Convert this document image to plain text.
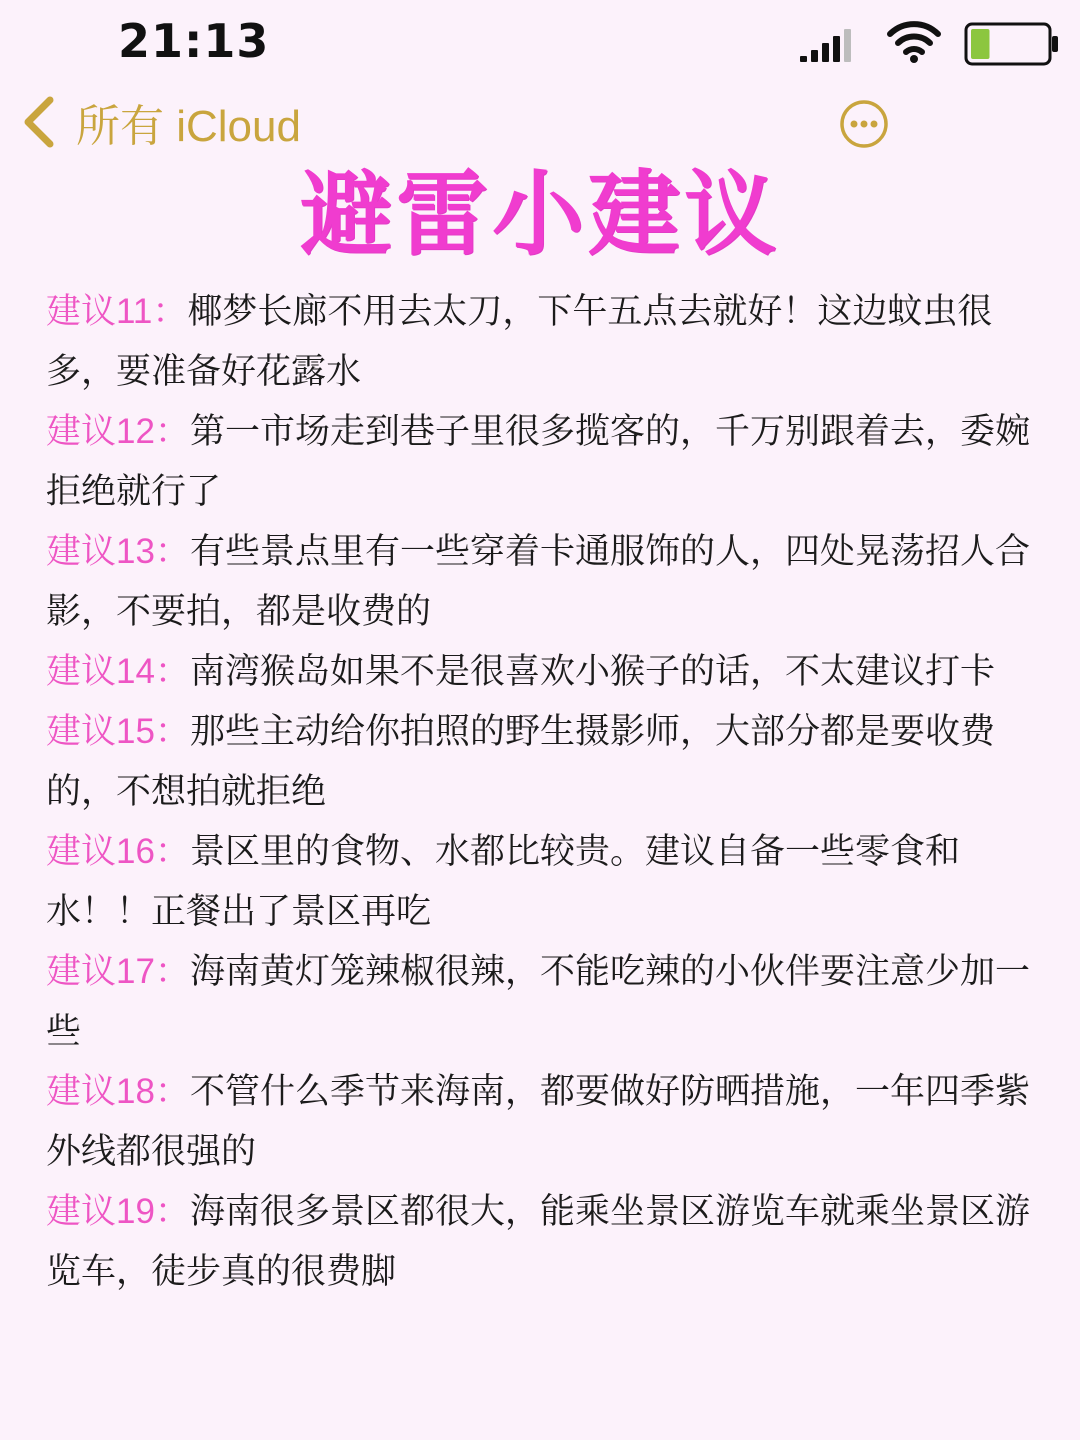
21:13
所有 iCloud
避雷小建议

建议11：椰梦长廊不用去太刀，下午五点去就好！这边蚊虫很多，要准备好花露水

建议12：第一市场走到巷子里很多揽客的，千万别跟着去，委婉拒绝就行了

建议13：有些景点里有一些穿着卡通服饰的人，四处晃荡招人合影，不要拍，都是收费的

建议14：南湾猴岛如果不是很喜欢小猴子的话，不太建议打卡

建议15：那些主动给你拍照的野生摄影师，大部分都是要收费的，不想拍就拒绝

建议16：景区里的食物、水都比较贵。建议自备一些零食和水！！正餐出了景区再吃

建议17：海南黄灯笼辣椒很辣，不能吃辣的小伙伴要注意少加一些

建议18：不管什么季节来海南，都要做好防晒措施，一年四季紫外线都很强的

建议19：海南很多景区都很大，能乘坐景区游览车就乘坐景区游览车，徒步真的很费脚
